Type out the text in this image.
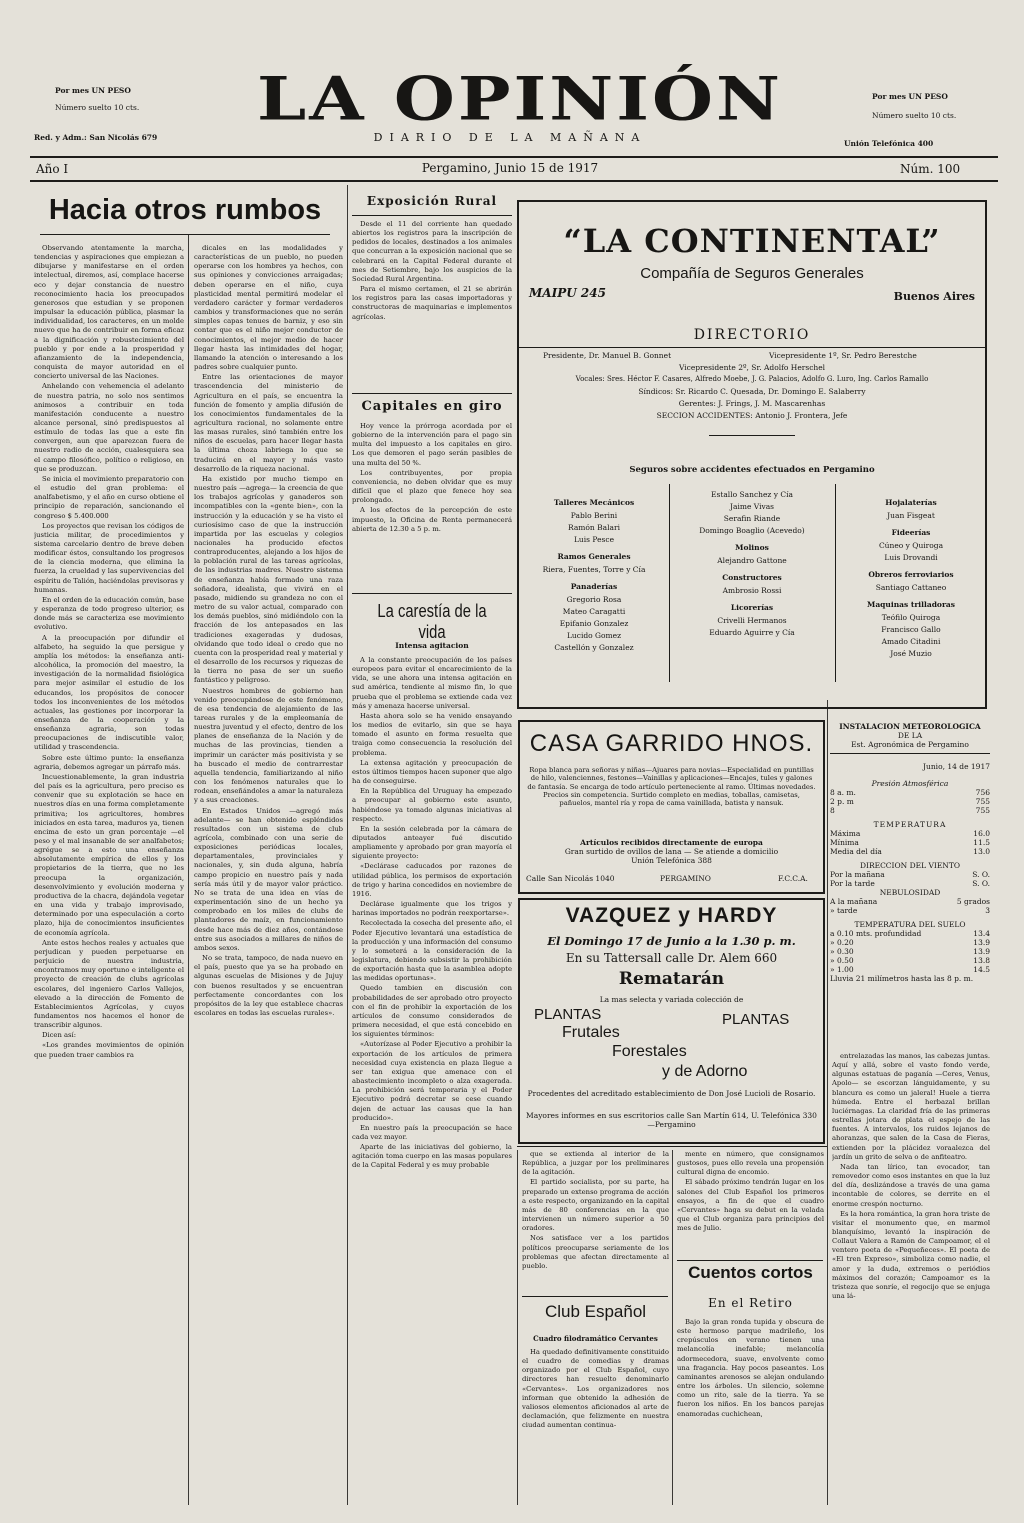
Por mes UN PESO
Número suelto 10 cts.
Red. y Adm.: San Nicolás 679
LA OPINIÓN
DIARIO DE LA MAÑANA
Por mes UN PESO
Número suelto 10 cts.
Unión Telefónica 400
Año I	Pergamino, Junio 15 de 1917	Núm. 100
Hacia otros rumbos

Observando atentamente la marcha, tendencias y aspiraciones que empiezan a dibujarse y manifestarse en el orden intelectual, diremos, así, complace hacerse eco y dejar constancia de nuestro reconocimiento hacia los preocupados generosos que estudian y se proponen impulsar la educación pública, plasmar la individualidad, los caracteres, en un molde nuevo que ha de contribuir en forma eficaz a la dignificación y robustecimiento del pueblo y por ende a la prosperidad y afianzamiento de la independencia, conquista de mayor autoridad en el concierto universal de las Naciones.

Anhelando con vehemencia el adelanto de nuestra patria, no solo nos sentimos animosos a contribuir en toda manifestación conducente a nuestro alcance personal, sinó predispuestos al estímulo de todas las que a este fin convergen, aun que aparezcan fuera de nuestro radio de acción, cualesquiera sea el campo filosófico, político o religioso, en que se produzcan.

Se inicia el movimiento preparatorio con el estudio del gran problema: el analfabetismo, y el año en curso obtiene el principio de reparación, sancionando el congreso $ 5.400.000

Los proyectos que revisan los códigos de justicia militar, de procedimientos y sistema carcelario dentro de breve deben modificar éstos, consultando los progresos de la ciencia moderna, que elimina la fuerza, la crueldad y las supervivencias del espíritu de Talión, haciéndolas previsoras y humanas.

En el orden de la educación común, base y esperanza de todo progreso ulterior, es donde más se caracteriza ese movimiento evolutivo.

A la preocupación por difundir el alfabeto, ha seguido la que persigue y amplía los métodos: la enseñanza anti-alcohólica, la promoción del maestro, la investigación de la normalidad fisiológica para mejor asimilar el estudio de los educandos, los propósitos de conocer todos los inconvenientes de los métodos actuales, las gestiones por incorporar la enseñanza de la cooperación y la enseñanza agraria, son todas preocupaciones de indiscutible valor, utilidad y trascendencia.

Sobre este último punto: la enseñanza agraria, debemos agregar un párrafo más.

Incuestionablemente, la gran industria del país es la agricultura, pero preciso es convenir que su explotación se hace en nuestros días en una forma completamente primitiva; los agricultores, hombres iniciados en esta tarea, maduros ya, tienen encima de esto un gran porcentaje —el peso y el mal insanable de ser analfabetos; agrégue se a esto una enseñanza absolutamente empírica de ellos y los propietarios de la tierra, que no les preocupa la organización, desenvolvimiento y evolución moderna y productiva de la chacra, dejándola vegetar en una vida y trabajo improvisado, determinado por una especulación a corto plazo, hija de conocimientos insuficientes de economía agrícola.

Ante estos hechos reales y actuales que perjudican y pueden perpetuarse en perjuicio de nuestra industria, encontramos muy oportuno e inteligente el proyecto de creación de clubs agrícolas escolares, del ingeniero Carlos Vallejos, elevado a la dirección de Fomento de Establecimientos Agrícolas, y cuyos fundamentos nos hacemos el honor de transcribir algunos.

Dicen así:

«Los grandes movimientos de opinión que pueden traer cambios ra

dicales en las modalidades y características de un pueblo, no pueden operarse con los hombres ya hechos, con sus opiniones y convicciones arraigadas; deben operarse en el niño, cuya plasticidad mental permitirá modelar el verdadero carácter y formar verdaderos cambios y transformaciones que no serán simples capas tenues de barniz, y eso sin contar que es el niño mejor conductor de conocimientos, el mejor medio de hacer llegar hasta las intimidades del hogar, llamando la atención o interesando a los padres sobre cualquier punto.

Entre las orientaciones de mayor trascendencia del ministerio de Agricultura en el país, se encuentra la función de fomento y amplia difusión de los conocimientos fundamentales de la agricultura racional, no solamente entre las masas rurales, sinó también entre los niños de escuelas, para hacer llegar hasta la última choza labriega lo que se traducirá en el mayor y más vasto desarrollo de la riqueza nacional.

Ha existido por mucho tiempo en nuestro país —agrega— la creencia de que los trabajos agrícolas y ganaderos son incompatibles con la «gente bien», con la instrucción y la educación y se ha visto el curiosísimo caso de que la instrucción impartida por las escuelas y colegios nacionales ha producido efectos contraproducentes, alejando a los hijos de la población rural de las tareas agrícolas, de las industrias madres. Nuestro sistema de enseñanza había formado una raza soñadora, idealista, que vivirá en el pasado, midiendo su grandeza no con el metro de su valor actual, comparado con los demás pueblos, sinó midiéndolo con la fracción de los antepasados en las tradiciones exageradas y dudosas, olvidando que todo ideal o credo que no cuenta con la prosperidad real y material y el desarrollo de los recursos y riquezas de la tierra no pasa de ser un sueño fantástico y peligroso.

Nuestros hombres de gobierno han venido preocupándose de este fenómeno, de esa tendencia de alejamiento de las tareas rurales y de la empleomanía de nuestra juventud y el efecto, dentro de los planes de enseñanza de la Nación y de muchas de las provincias, tienden a imprimir un carácter más positivista y se ha buscado el medio de contrarrestar aquella tendencia, familiarizando al niño con los fenómenos naturales que lo rodean, enseñándoles a amar la naturaleza y a sus creaciones.

En Estados Unidos —agregó más adelante— se han obtenido espléndidos resultados con un sistema de club agrícola, combinado con una serie de exposiciones periódicas locales, departamentales, provinciales y nacionales, y, sin duda alguna, habría campo propicio en nuestro país y nada sería más útil y de mayor valor práctico. No se trata de una idea en vías de experimentación sino de un hecho ya comprobado en los miles de clubs de plantadores de maíz, en funcionamiento desde hace más de diez años, contándose entre sus asociados a millares de niños de ambos sexos.

No se trata, tampoco, de nada nuevo en el país, puesto que ya se ha probado en algunas escuelas de Misiones y de Jujuy con buenos resultados y se encuentran perfectamente concordantes con los propósitos de la ley que establece chacras escolares en todas las escuelas rurales».

Exposición Rural

Desde el 11 del corriente han quedado abiertos los registros para la inscripción de pedidos de locales, destinados a los animales que concurran a la exposición nacional que se celebrará en la Capital Federal durante el mes de Setiembre, bajo los auspicios de la Sociedad Rural Argentina.

Para el mismo certamen, el 21 se abrirán los registros para las casas importadoras y constructoras de maquinarias e implementos agrícolas.

Capitales en giro

Hoy vence la prórroga acordada por el gobierno de la intervención para el pago sin multa del impuesto a los capitales en giro. Los que demoren el pago serán pasibles de una multa del 50 %.

Los contribuyentes, por propia conveniencia, no deben olvidar que es muy difícil que el plazo que fenece hoy sea prolongado.

A los efectos de la percepción de este impuesto, la Oficina de Renta permanecerá abierta de 12.30 a 5 p. m.

La carestía de la vida
Intensa agitacion

A la constante preocupación de los países europeos para evitar el encarecimiento de la vida, se une ahora una intensa agitación en sud américa, tendiente al mismo fin, lo que prueba que el problema se extiende cada vez más y amenaza hacerse universal.

Hasta ahora solo se ha venido ensayando los medios de evitarlo, sin que se haya tomado el asunto en forma resuelta que traiga como consecuencia la resolución del problema.

La extensa agitación y preocupación de estos últimos tiempos hacen suponer que algo ha de conseguirse.

En la República del Uruguay ha empezado a preocupar al gobierno este asunto, habiéndose ya tomado algunas iniciativas al respecto.

En la sesión celebrada por la cámara de diputados anteayer fué discutido ampliamente y aprobado por gran mayoría el siguiente proyecto:

«Declárase caducados por razones de utilidad pública, los permisos de exportación de trigo y harina concedidos en noviembre de 1916.

Declárase igualmente que los trigos y harinas importados no podrán reexportarse».

Recolectada la cosecha del presente año, el Poder Ejecutivo levantará una estadística de la producción y una información del consumo y lo someterá a la consideración de la legislatura, debiendo subsistir la prohibición de exportación hasta que la asamblea adopte las medidas oportunas».

Quedo tambien en discusión con probabilidades de ser aprobado otro proyecto con el fin de prohibir la exportación de los artículos de consumo considerados de primera necesidad, el que está concebido en los siguientes términos:

«Autorízase al Poder Ejecutivo a prohibir la exportación de los artículos de primera necesidad cuya existencia en plaza llegue a ser tan exigua que amenace con el abastecimiento incompleto o alza exagerada. La prohibición será temporaria y el Poder Ejecutivo podrá decretar se cese cuando dejen de actuar las causas que la han producido».

En nuestro país la preocupación se hace cada vez mayor.

Aparte de las iniciativas del gobierno, la agitación toma cuerpo en las masas populares de la Capital Federal y es muy probable

“LA CONTINENTAL”
Compañía de Seguros Generales
MAIPU 245	Buenos Aires
DIRECTORIO
Presidente, Dr. Manuel B. Gonnet	Vicepresidente 1º, Sr. Pedro Berestche
Vicepresidente 2º, Sr. Adolfo Herschel
Vocales: Sres. Héctor F. Casares, Alfredo Moebe, J. G. Palacios, Adolfo G. Luro, Ing. Carlos Ramallo
Síndicos: Sr. Ricardo C. Quesada, Dr. Domingo E. Salaberry
Gerentes: J. Frings, J. M. Mascarenhas
SECCION ACCIDENTES: Antonio J. Frontera, Jefe
Seguros sobre accidentes efectuados en Pergamino
Talleres Mecánicos
Pablo Berini
Ramón Balari
Luis Pesce
Ramos Generales
Riera, Fuentes, Torre y Cía
Panaderías
Gregorio Rosa
Mateo Caragatti
Epifanio Gonzalez
Lucido Gomez
Castellón y Gonzalez
Estallo Sanchez y Cía
Jaime Vivas
Serafin Riande
Domingo Boaglio (Acevedo)
Molinos
Alejandro Gattone
Constructores
Ambrosio Rossi
Licorerías
Crivelli Hermanos
Eduardo Aguirre y Cía
Hojalaterías
Juan Fisgeat
Fideerías
Cúneo y Quiroga
Luis Drovandi
Obreros ferroviarios
Santiago Cattaneo
Maquinas trilladoras
Teófilo Quiroga
Francisco Gallo
Amado Citadini
José Muzio
CASA GARRIDO HNOS.
Ropa blanca para señoras y niñas—Ajuares para novias—Especialidad en puntillas de hilo, valenciennes, festones—Vainillas y aplicaciones—Encajes, tules y galones de fantasía. Se encarga de todo artículo perteneciente al ramo. Últimas novedades. Precios sin competencia. Surtido completo en medias, toballas, camisetas, pañuelos, mantel ría y ropa de cama vainillada, batista y nansuk.
Artículos recibidos directamente de europa
Gran surtido de ovillos de lana — Se atiende a domicilio
Unión Telefónica 388
Calle San Nicolás 1040	PERGAMINO	F.C.C.A.
VAZQUEZ y HARDY
El Domingo 17 de Junio a la 1.30 p. m.
En su Tattersall calle Dr. Alem 660
Rematarán
La mas selecta y variada colección de
PLANTAS	PLANTAS
Frutales
Forestales
y de Adorno
Procedentes del acreditado establecimiento de Don José Lucioli de Rosario.
Mayores informes en sus escritorios calle San Martín 614, U. Telefónica 330—Pergamino
INSTALACION METEOROLOGICA
DE LA
Est. Agronómica de Pergamino
Junio, 14 de 1917
Presión Atmosférica
8 a. m.	756
2 p. m	755
8	755
TEMPERATURA
Máxima	16.0
Mínima	11.5
Media del día	13.0
DIRECCION DEL VIENTO
Por la mañana	S. O.
Por la tarde	S. O.
NEBULOSIDAD
A la mañana	5 grados
» tarde	3
TEMPERATURA DEL SUELO
a 0.10 mts. profundidad	13.4
» 0.20	13.9
» 0.30	13.9
» 0.50	13.8
» 1.00	14.5
Lluvia 21 milímetros hasta las 8 p. m.

que se extienda al interior de la República, a juzgar por los preliminares de la agitación.

El partido socialista, por su parte, ha preparado un extenso programa de acción a este respecto, organizando en la capital más de 80 conferencias en la que intervienen un número superior a 50 oradores.

Nos satisface ver a los partidos políticos preocuparse seriamente de los problemas que afectan directamente al pueblo.

Club Español
Cuadro filodramático Cervantes

Ha quedado definitivamente constituido el cuadro de comedias y dramas organizado por el Club Español, cuyo directores han resuelto denominarlo «Cervantes». Los organizadores nos informan que obtenido la adhesión de valiosos elementos aficionados al arte de declamación, que felizmente en nuestra ciudad aumentan continua-

mente en número, que consignamos gustosos, pues ello revela una propensión cultural digna de encomio.

El sábado próximo tendrán lugar en los salones del Club Español los primeros ensayos, a fin de que el cuadro «Cervantes» haga su debut en la velada que el Club organiza para principios del mes de Julio.

Cuentos cortos
En el Retiro

Bajo la gran ronda tupida y obscura de este hermoso parque madrileño, los crepúsculos en verano tienen una melancolía inefable; melancolía adormecedora, suave, envolvente como una fragancia. Hay pocos paseantes. Los caminantes arenosos se alejan ondulando entre los árboles. Un silencio, solemne como un rito, sale de la tierra. Ya se fueron los niños. En los bancos parejas enamoradas cuchichean,

entrelazadas las manos, las cabezas juntas. Aquí y allá, sobre el vasto fondo verde, algunas estatuas de paganía —Ceres, Venus, Apolo— se escorzan lánguidamente, y su blancura es como un jaleral! Huele a tierra húmeda. Entre el herbazal brillan luciérnagas. La claridad fría de las primeras estrellas jotara de plata el espejo de las fuentes. A intervalos, los ruidos lejanos de ahoranzas, que salen de la Casa de Fieras, extienden por la plácidez voraalezca del jardín un grito de selva o de anfiteatro.

Nada tan lírico, tan evocador, tan removedor como esos instantes en que la luz del día, deslizándose a través de una gama incontable de colores, se derrite en el enorme crespón nocturno.

Es la hora romántica, la gran hora triste de visitar el monumento que, en marmol blanquísimo, levantó la inspiración de Collaut Valera a Ramón de Campoamor, el el ventero poeta de «Pequeñeces». El poeta de «El tren Expreso», simboliza como nadie, el amor y la duda, extremos o periódios máximos del corazón; Campoamor es la tristeza que sonríe, el regocijo que se enjuga una lá-
